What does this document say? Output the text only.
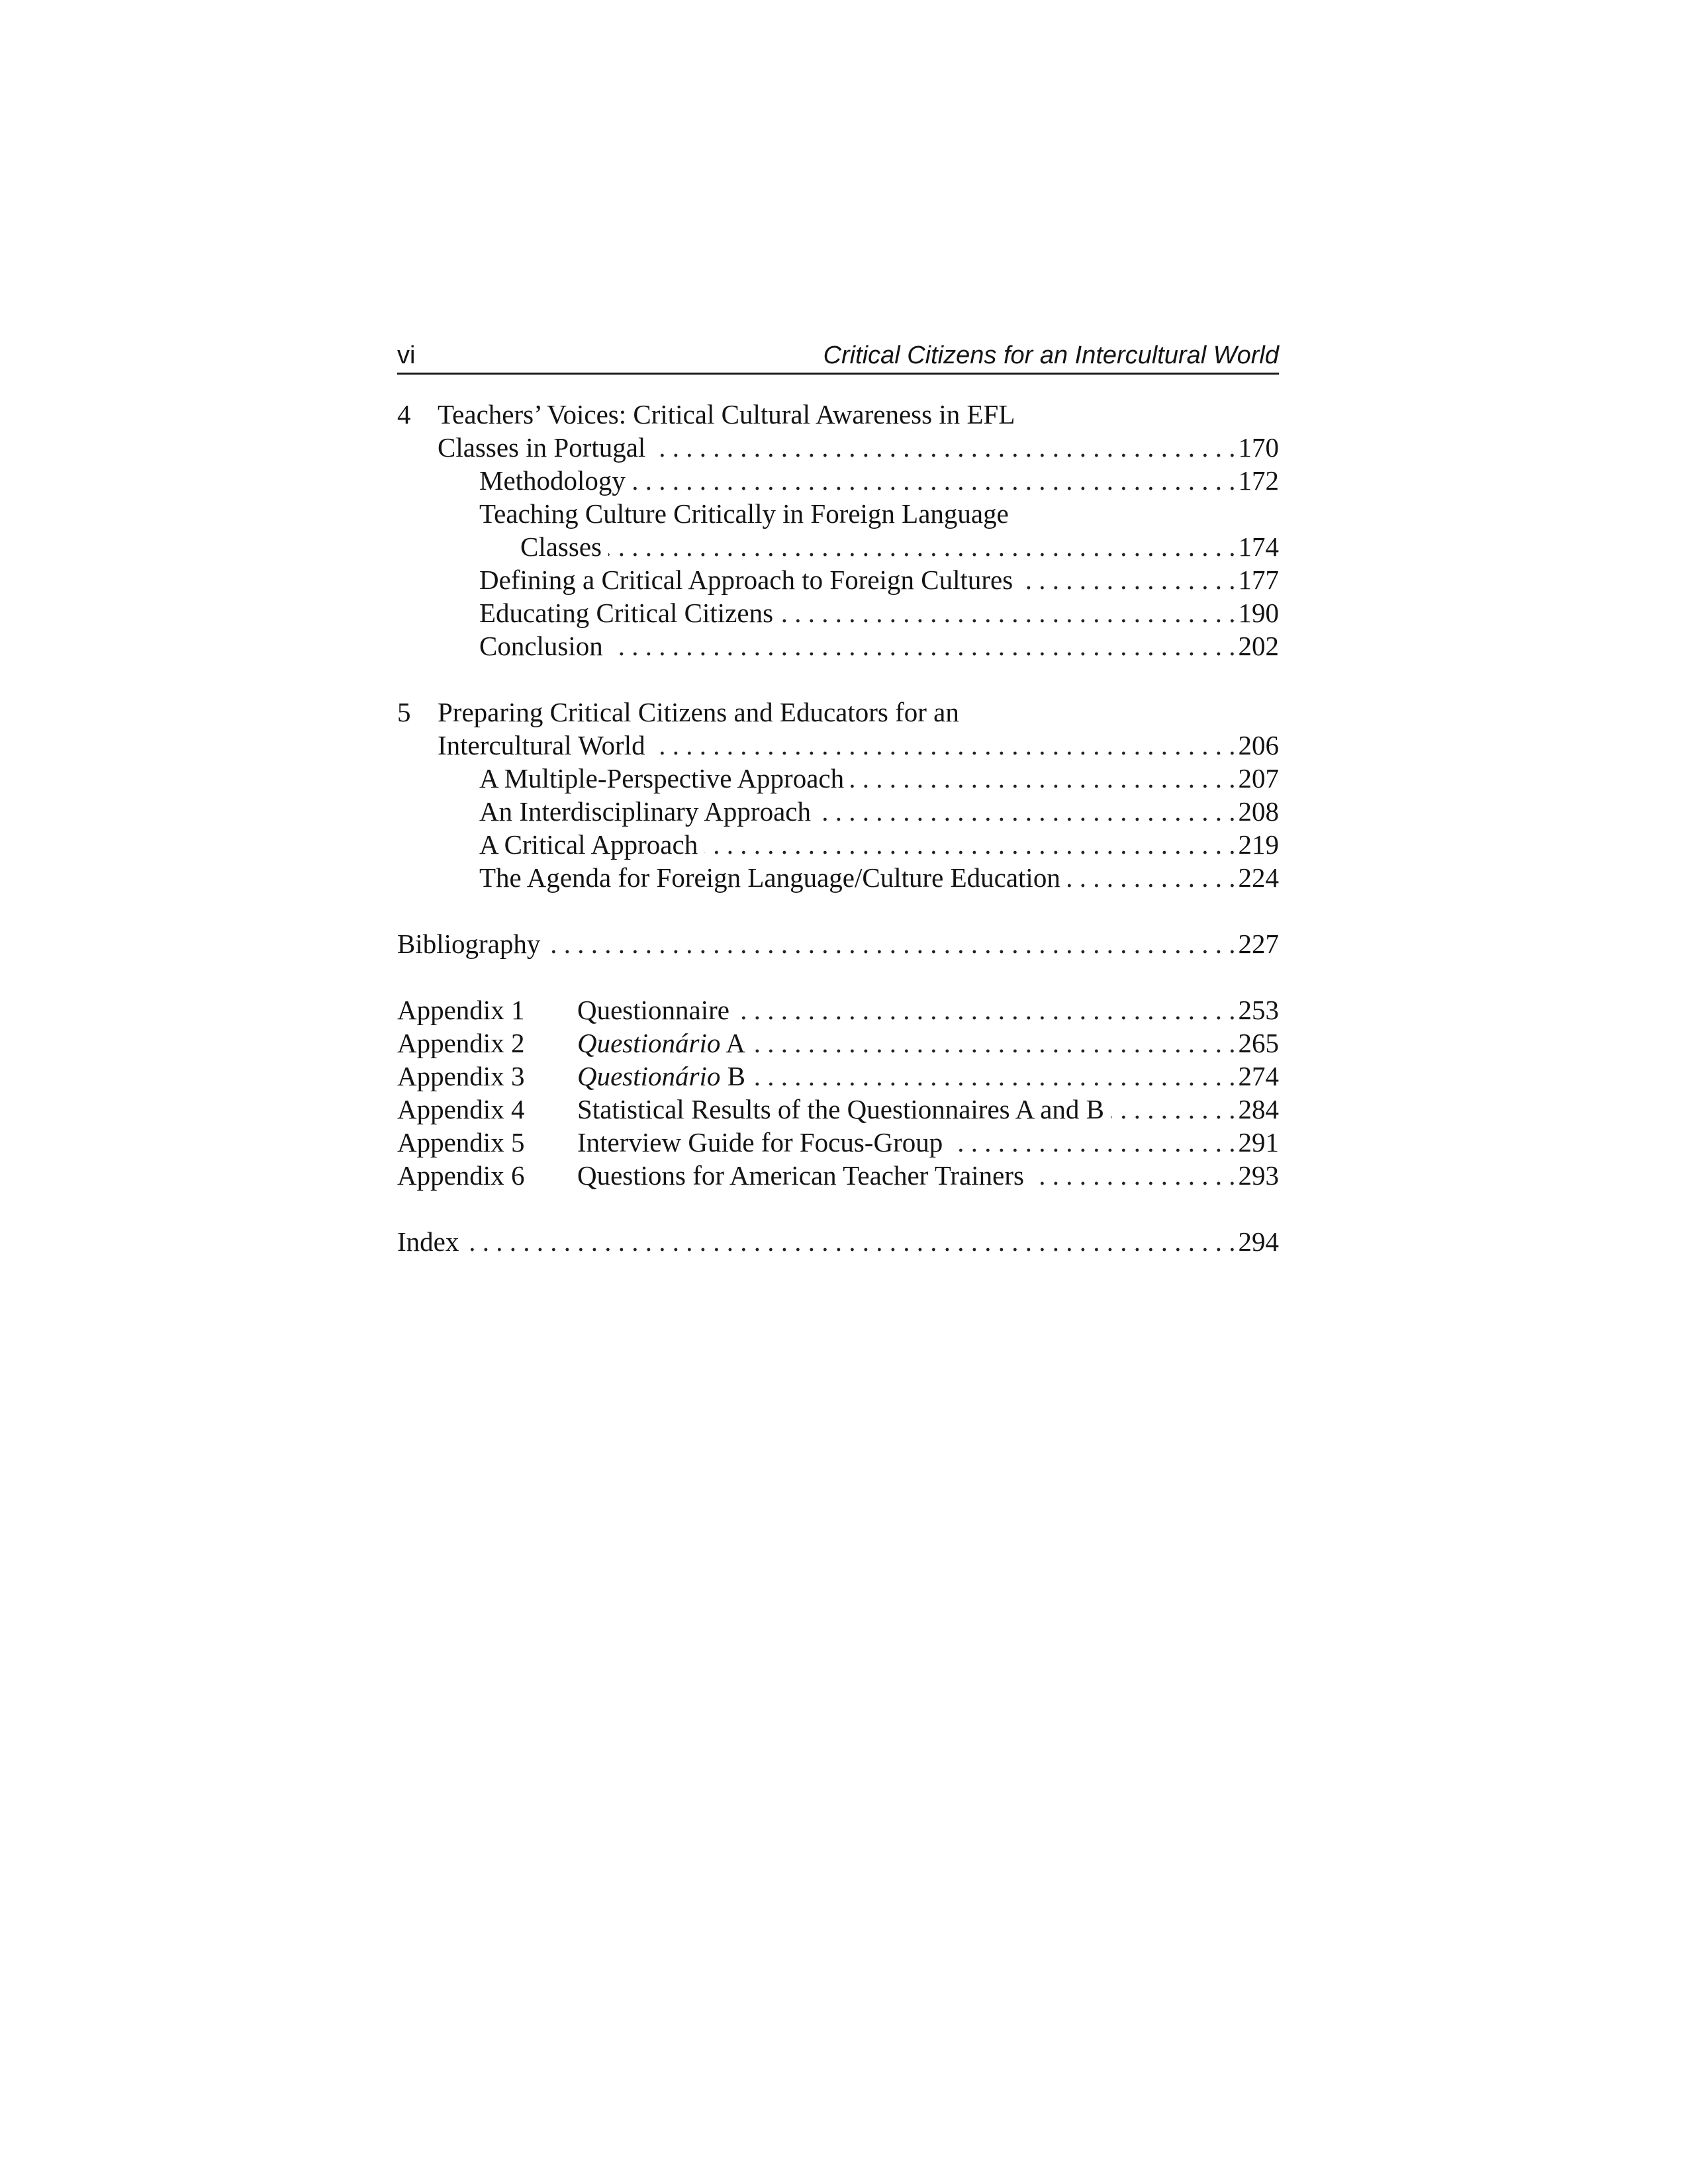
vi	Critical Citizens for an Intercultural World
4 Teachers’ Voices: Critical Cultural Awareness in EFL
Classes in Portugal . . .	170
Methodology . . .	172
Teaching Culture Critically in Foreign Language
Classes . . .	174
Defining a Critical Approach to Foreign Cultures . . .	177
Educating Critical Citizens . . .	190
Conclusion . . .	202
5 Preparing Critical Citizens and Educators for an
Intercultural World . . .	206
A Multiple-Perspective Approach . . .	207
An Interdisciplinary Approach . . .	208
A Critical Approach . . .	219
The Agenda for Foreign Language/Culture Education . . .	224
Bibliography . . .	227
Appendix 1	Questionnaire . . .	253
Appendix 2	Questionário A . . .	265
Appendix 3	Questionário B . . .	274
Appendix 4	Statistical Results of the Questionnaires A and B . . .	284
Appendix 5	Interview Guide for Focus-Group . . .	291
Appendix 6	Questions for American Teacher Trainers . . .	293
Index . . .	294
